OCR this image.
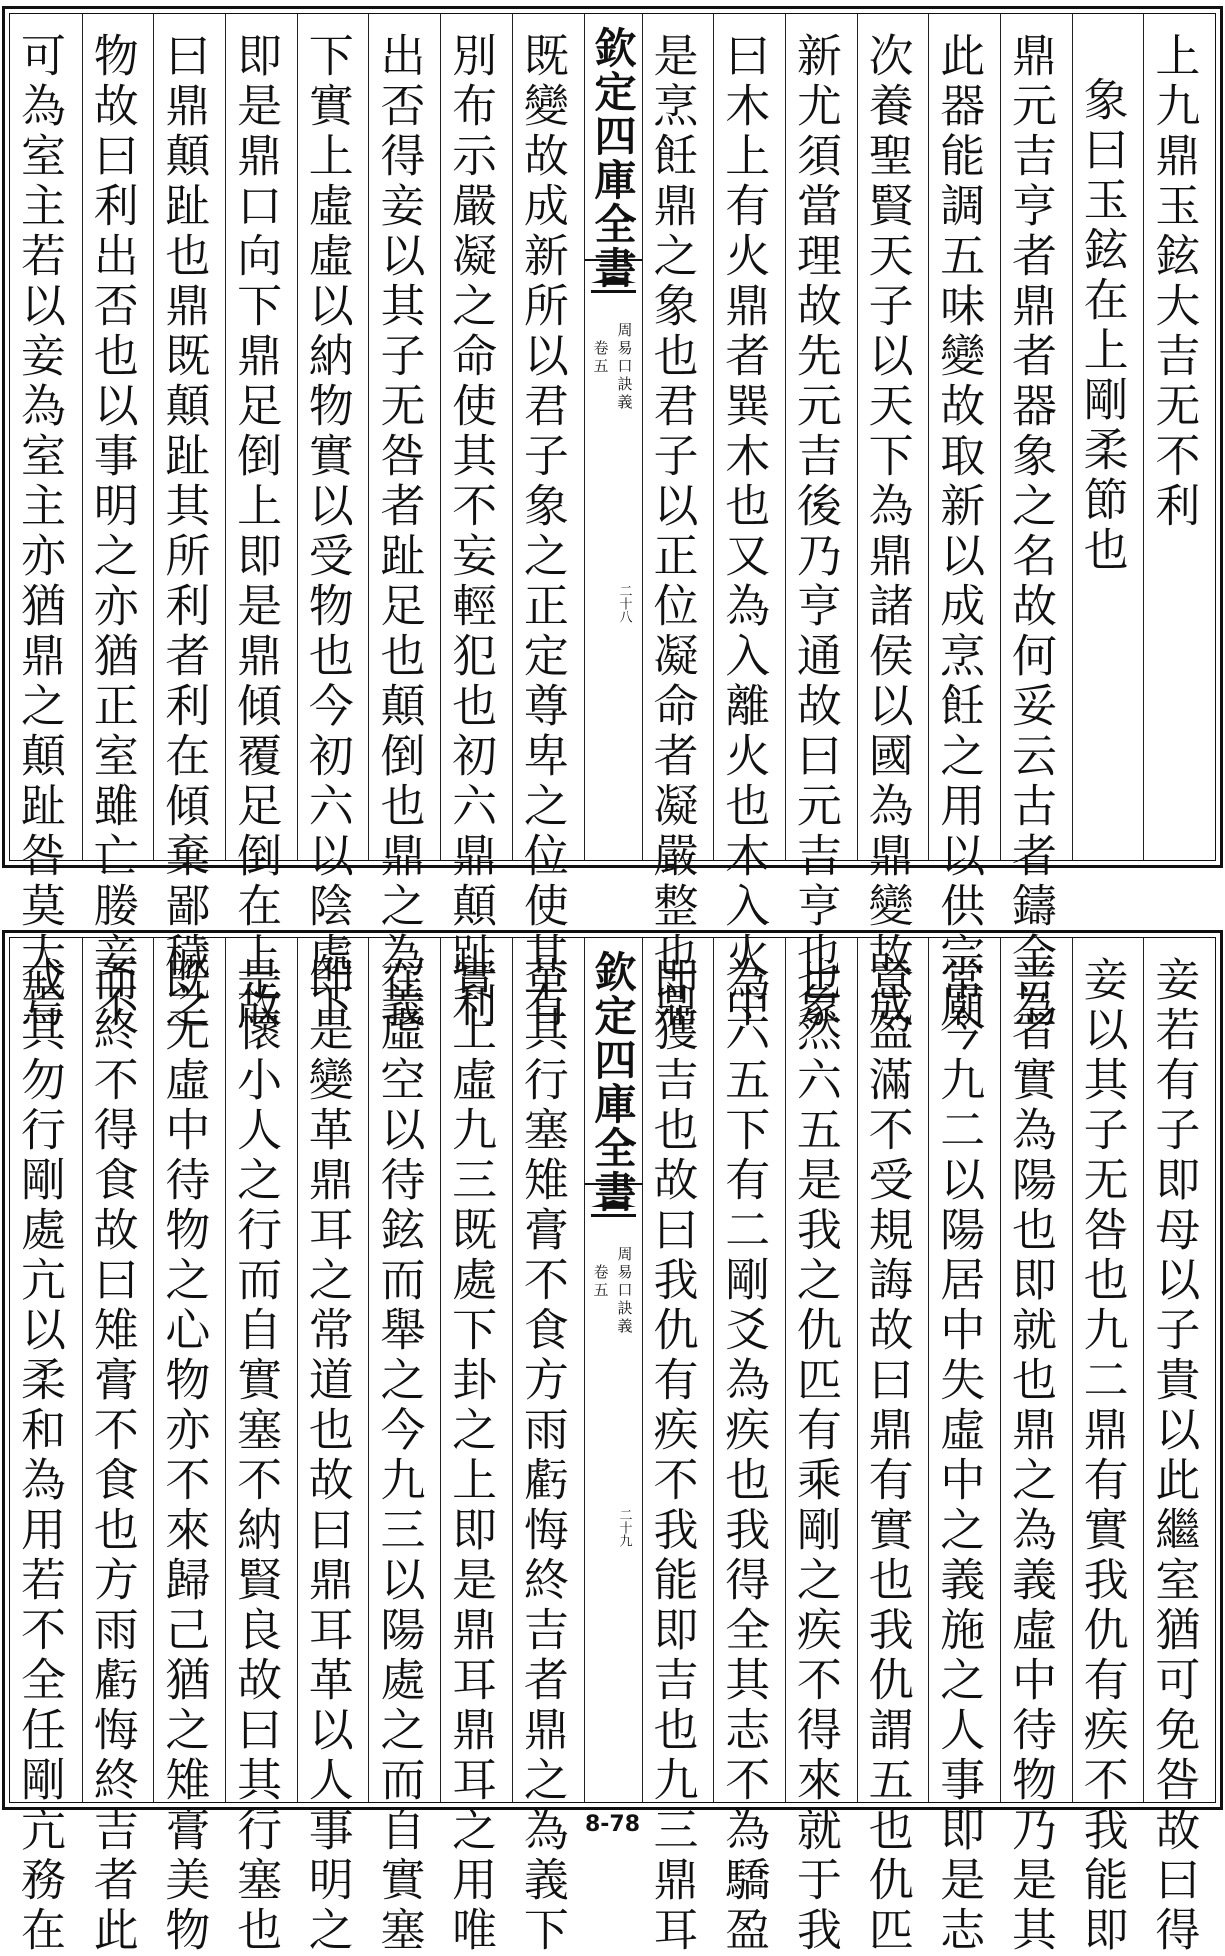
上九鼎玉鉉大吉无不利
象曰玉鉉在上剛柔節也
鼎元吉亨者鼎者器象之名故何妥云古者鑄金為
此器能調五味變故取新以成烹飪之用以供宗廟
次養聖賢天子以天下為鼎諸侯以國為鼎變故成
新尤須當理故先元吉後乃亨通故曰元吉亨也象
曰木上有火鼎者巽木也又為入離火也木入火中
是烹飪鼎之象也君子以正位凝命者凝嚴整也鼎
欽定四庫全書
周易口訣義
卷五
二十八
既變故成新所以君子象之正定尊卑之位使其有
別布示嚴凝之命使其不妄輕犯也初六鼎顛趾利
出否得妾以其子无咎者趾足也顛倒也鼎之為義
下實上虛虛以納物實以受物也今初六以陰處下
即是鼎口向下鼎足倒上即是鼎傾覆足倒在上故
曰鼎顛趾也鼎既顛趾其所利者利在傾棄鄙穢之
物故曰利出否也以事明之亦猶正室雖亡媵妾不
可為室主若以妾為室主亦猶鼎之顛趾咎莫大焉
妾若有子即母以子貴以此繼室猶可免咎故曰得
妾以其子无咎也九二鼎有實我仇有疾不我能即
吉者實為陽也即就也鼎之為義虛中待物乃是其
常今九二以陽居中失虛中之義施之人事即是志
意盈滿不受規誨故曰鼎有實也我仇謂五也仇匹
也然六五是我之仇匹有乘剛之疾不得來就于我
為六五下有二剛爻為疾也我得全其志不為驕盈
即獲吉也故曰我仇有疾不我能即吉也九三鼎耳
欽定四庫全書
周易口訣義
卷五
二十九
革其行塞雉膏不食方雨虧悔終吉者鼎之為義下
實上虛九三既處下卦之上即是鼎耳鼎耳之用唯
在虛空以待鉉而舉之今九三以陽處之而自實塞
即是變革鼎耳之常道也故曰鼎耳革以人事明之
是懷小人之行而自實塞不納賢良故曰其行塞也
既无虛中待物之心物亦不來歸己猶之雉膏美物
而終不得食故曰雉膏不食也方雨虧悔終吉者此
戒其勿行剛處亢以柔和為用若不全任剛亢務在	8-78
